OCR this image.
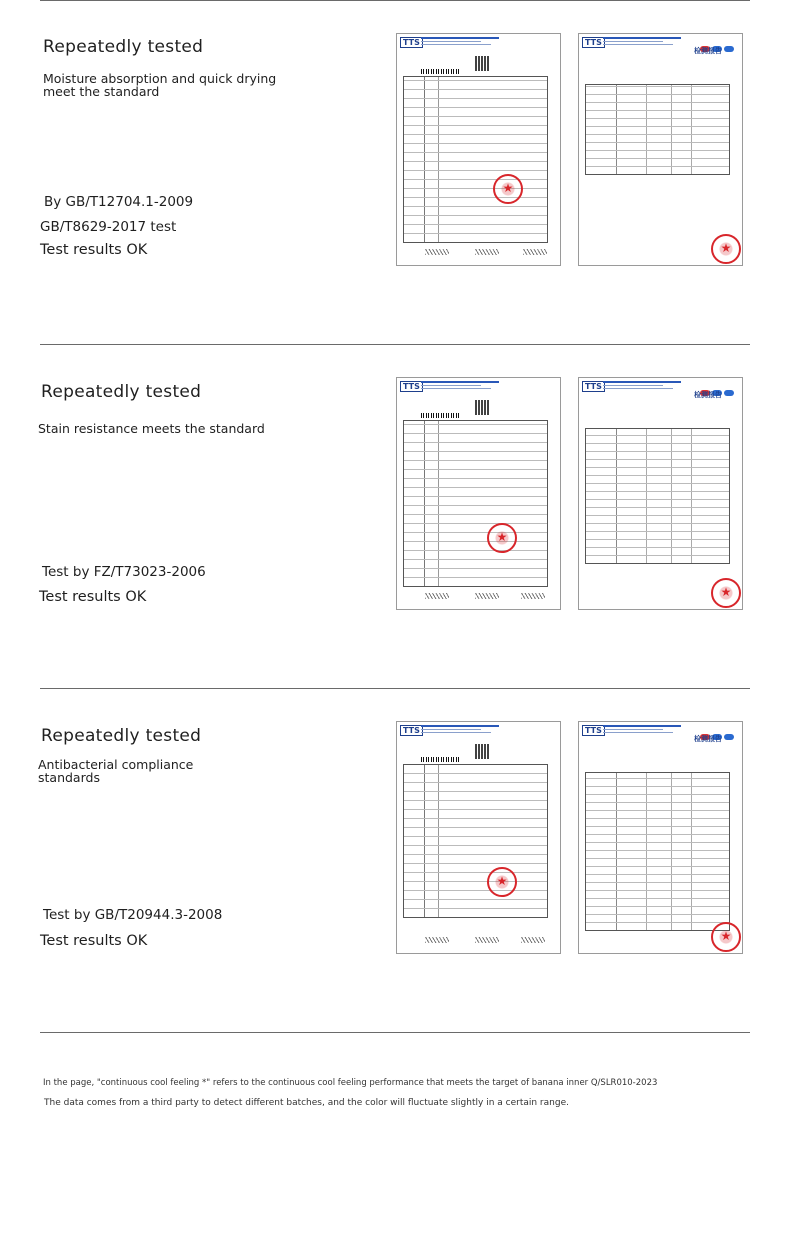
Repeatedly tested
Moisture absorption and quick drying meet the standard
By GB/T12704.1-2009
GB/T8629-2017 test
Test results OK
TTS
★	TTS
检测报告
★
Repeatedly tested
Stain resistance meets the standard
Test by FZ/T73023-2006
Test results OK
TTS
★	TTS
检测报告
★
Repeatedly tested
Antibacterial compliance standards
Test by GB/T20944.3-2008
Test results OK
TTS
★	TTS
检测报告
★
In the page, "continuous cool feeling *" refers to the continuous cool feeling performance that meets the target of banana inner Q/SLR010-2023
The data comes from a third party to detect different batches, and the color will fluctuate slightly in a certain range.
